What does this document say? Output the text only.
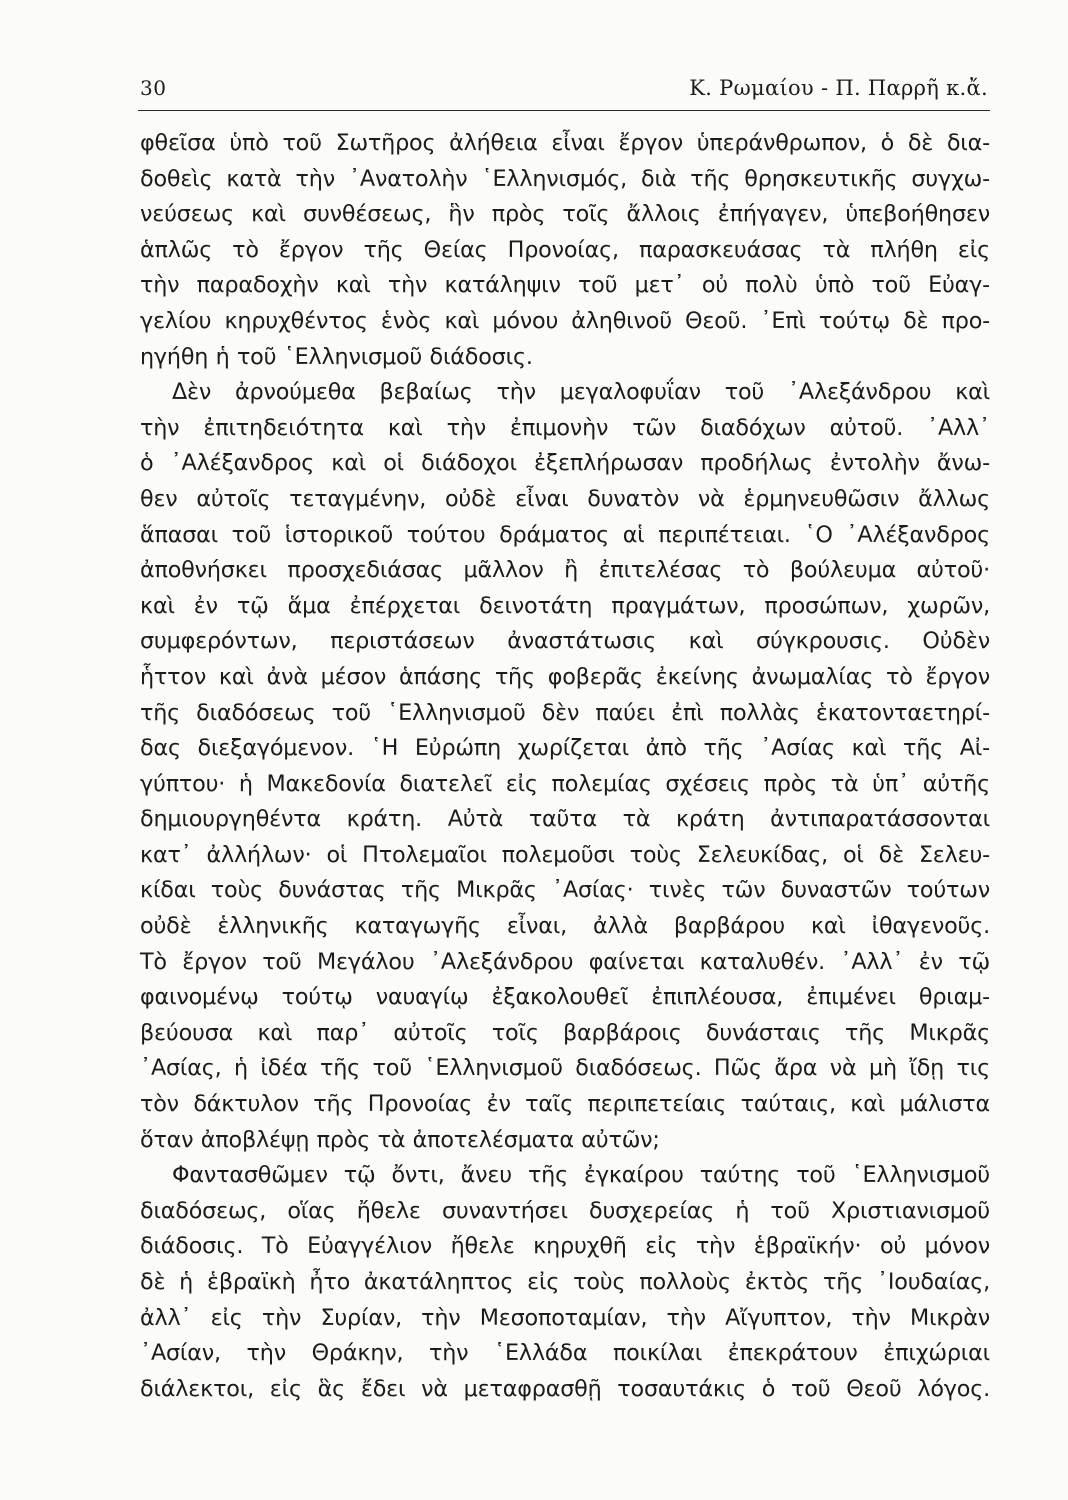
30	Κ. Ρωμαίου - Π. Παρρῆ κ.ἄ.
φθεῖσα ὑπὸ τοῦ Σωτῆρος ἀλήθεια εἶναι ἔργον ὑπεράνθρωπον, ὁ δὲ δια-
δοθεὶς κατὰ τὴν ᾿Ανατολὴν ῾Ελληνισμός, διὰ τῆς θρησκευτικῆς συγχω-
νεύσεως καὶ συνθέσεως, ἣν πρὸς τοῖς ἄλλοις ἐπήγαγεν, ὑπεβοήθησεν
ἁπλῶς τὸ ἔργον τῆς Θείας Προνοίας, παρασκευάσας τὰ πλήθη εἰς
τὴν παραδοχὴν καὶ τὴν κατάληψιν τοῦ μετ᾿ οὐ πολὺ ὑπὸ τοῦ Εὐαγ-
γελίου κηρυχθέντος ἑνὸς καὶ μόνου ἀληθινοῦ Θεοῦ. ᾿Επὶ τούτῳ δὲ προ-
ηγήθη ἡ τοῦ ῾Ελληνισμοῦ διάδοσις.
Δὲν ἀρνούμεθα βεβαίως τὴν μεγαλοφυΐαν τοῦ ᾿Αλεξάνδρου καὶ
τὴν ἐπιτηδειότητα καὶ τὴν ἐπιμονὴν τῶν διαδόχων αὐτοῦ. ᾿Αλλ᾿
ὁ ᾿Αλέξανδρος καὶ οἱ διάδοχοι ἐξεπλήρωσαν προδήλως ἐντολὴν ἄνω-
θεν αὐτοῖς τεταγμένην, οὐδὲ εἶναι δυνατὸν νὰ ἑρμηνευθῶσιν ἄλλως
ἅπασαι τοῦ ἱστορικοῦ τούτου δράματος αἱ περιπέτειαι. ῾Ο ᾿Αλέξανδρος
ἀποθνήσκει προσχεδιάσας μᾶλλον ἢ ἐπιτελέσας τὸ βούλευμα αὐτοῦ·
καὶ ἐν τῷ ἅμα ἐπέρχεται δεινοτάτη πραγμάτων, προσώπων, χωρῶν,
συμφερόντων, περιστάσεων ἀναστάτωσις καὶ σύγκρουσις. Οὐδὲν
ἧττον καὶ ἀνὰ μέσον ἁπάσης τῆς φοβερᾶς ἐκείνης ἀνωμαλίας τὸ ἔργον
τῆς διαδόσεως τοῦ ῾Ελληνισμοῦ δὲν παύει ἐπὶ πολλὰς ἑκατονταετηρί-
δας διεξαγόμενον. ῾Η Εὐρώπη χωρίζεται ἀπὸ τῆς ᾿Ασίας καὶ τῆς Αἰ-
γύπτου· ἡ Μακεδονία διατελεῖ εἰς πολεμίας σχέσεις πρὸς τὰ ὑπ᾿ αὐτῆς
δημιουργηθέντα κράτη. Αὐτὰ ταῦτα τὰ κράτη ἀντιπαρατάσσονται
κατ᾿ ἀλλήλων· οἱ Πτολεμαῖοι πολεμοῦσι τοὺς Σελευκίδας, οἱ δὲ Σελευ-
κίδαι τοὺς δυνάστας τῆς Μικρᾶς ᾿Ασίας· τινὲς τῶν δυναστῶν τούτων
οὐδὲ ἑλληνικῆς καταγωγῆς εἶναι, ἀλλὰ βαρβάρου καὶ ἰθαγενοῦς.
Τὸ ἔργον τοῦ Μεγάλου ᾿Αλεξάνδρου φαίνεται καταλυθέν. ᾿Αλλ᾿ ἐν τῷ
φαινομένῳ τούτῳ ναυαγίῳ ἐξακολουθεῖ ἐπιπλέουσα, ἐπιμένει θριαμ-
βεύουσα καὶ παρ᾿ αὐτοῖς τοῖς βαρβάροις δυνάσταις τῆς Μικρᾶς
᾿Ασίας, ἡ ἰδέα τῆς τοῦ ῾Ελληνισμοῦ διαδόσεως. Πῶς ἄρα νὰ μὴ ἴδῃ τις
τὸν δάκτυλον τῆς Προνοίας ἐν ταῖς περιπετείαις ταύταις, καὶ μάλιστα
ὅταν ἀποβλέψῃ πρὸς τὰ ἀποτελέσματα αὐτῶν;
Φαντασθῶμεν τῷ ὄντι, ἄνευ τῆς ἐγκαίρου ταύτης τοῦ ῾Ελληνισμοῦ
διαδόσεως, οἵας ἤθελε συναντήσει δυσχερείας ἡ τοῦ Χριστιανισμοῦ
διάδοσις. Τὸ Εὐαγγέλιον ἤθελε κηρυχθῆ εἰς τὴν ἑβραϊκήν· οὐ μόνον
δὲ ἡ ἑβραϊκὴ ἦτο ἀκατάληπτος εἰς τοὺς πολλοὺς ἐκτὸς τῆς ᾿Ιουδαίας,
ἀλλ᾿ εἰς τὴν Συρίαν, τὴν Μεσοποταμίαν, τὴν Αἴγυπτον, τὴν Μικρὰν
᾿Ασίαν, τὴν Θράκην, τὴν ῾Ελλάδα ποικίλαι ἐπεκράτουν ἐπιχώριαι
διάλεκτοι, εἰς ἃς ἔδει νὰ μεταφρασθῇ τοσαυτάκις ὁ τοῦ Θεοῦ λόγος.
